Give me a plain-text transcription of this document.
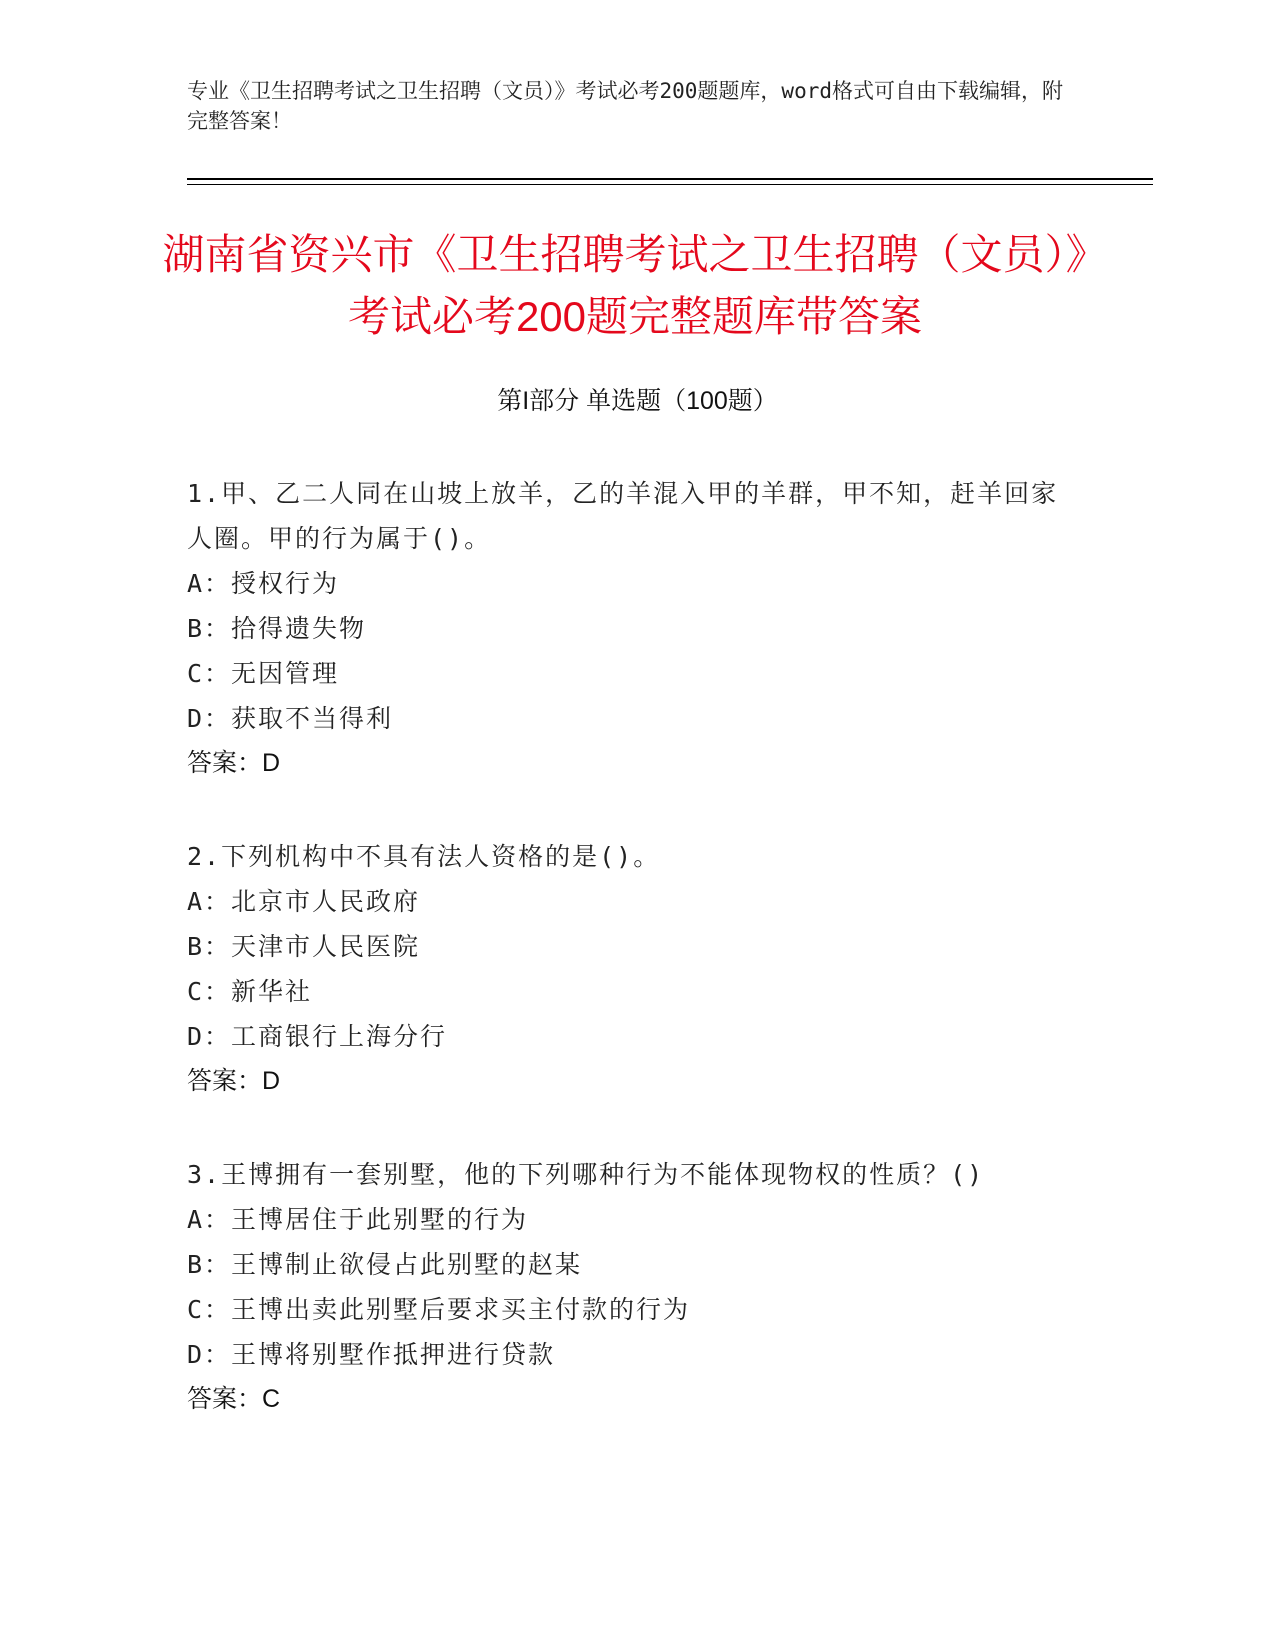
专业《卫生招聘考试之卫生招聘（文员）》考试必考200题题库，word格式可自由下载编辑，附完整答案！
湖南省资兴市《卫生招聘考试之卫生招聘（文员）》考试必考200题完整题库带答案
第I部分 单选题（100题）

1.甲、乙二人同在山坡上放羊，乙的羊混入甲的羊群，甲不知，赶羊回家人圈。甲的行为属于()。

A：授权行为

B：拾得遗失物

C：无因管理

D：获取不当得利

答案：D

2.下列机构中不具有法人资格的是()。

A：北京市人民政府

B：天津市人民医院

C：新华社

D：工商银行上海分行

答案：D

3.王博拥有一套别墅，他的下列哪种行为不能体现物权的性质？()

A：王博居住于此别墅的行为

B：王博制止欲侵占此别墅的赵某

C：王博出卖此别墅后要求买主付款的行为

D：王博将别墅作抵押进行贷款

答案：C
